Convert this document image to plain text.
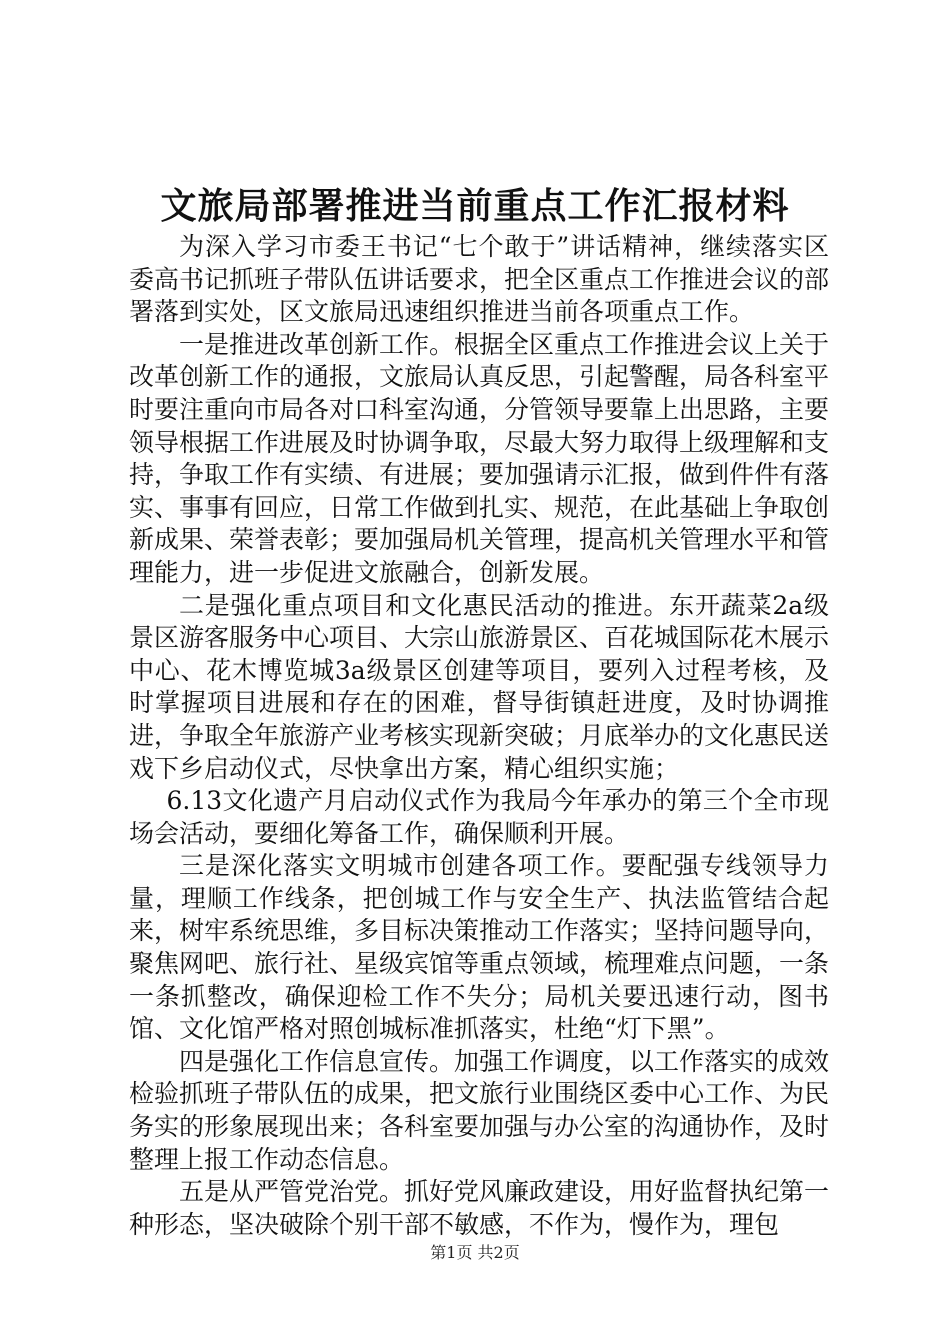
文旅局部署推进当前重点工作汇报材料

为深入学习市委王书记“七个敢于”讲话精神，继续落实区委高书记抓班子带队伍讲话要求，把全区重点工作推进会议的部署落到实处，区文旅局迅速组织推进当前各项重点工作。

一是推进改革创新工作。根据全区重点工作推进会议上关于改革创新工作的通报，文旅局认真反思，引起警醒，局各科室平时要注重向市局各对口科室沟通，分管领导要靠上出思路，主要领导根据工作进展及时协调争取，尽最大努力取得上级理解和支持，争取工作有实绩、有进展；要加强请示汇报，做到件件有落实、事事有回应，日常工作做到扎实、规范，在此基础上争取创新成果、荣誉表彰；要加强局机关管理，提高机关管理水平和管理能力，进一步促进文旅融合，创新发展。

二是强化重点项目和文化惠民活动的推进。东开蔬菜2a级景区游客服务中心项目、大宗山旅游景区、百花城国际花木展示中心、花木博览城3a级景区创建等项目，要列入过程考核，及时掌握项目进展和存在的困难，督导街镇赶进度，及时协调推进，争取全年旅游产业考核实现新突破；月底举办的文化惠民送戏下乡启动仪式，尽快拿出方案，精心组织实施；

6.13文化遗产月启动仪式作为我局今年承办的第三个全市现场会活动，要细化筹备工作，确保顺利开展。

三是深化落实文明城市创建各项工作。要配强专线领导力量，理顺工作线条，把创城工作与安全生产、执法监管结合起来，树牢系统思维，多目标决策推动工作落实；坚持问题导向，聚焦网吧、旅行社、星级宾馆等重点领域，梳理难点问题，一条一条抓整改，确保迎检工作不失分；局机关要迅速行动，图书馆、文化馆严格对照创城标准抓落实，杜绝“灯下黑”。

四是强化工作信息宣传。加强工作调度，以工作落实的成效检验抓班子带队伍的成果，把文旅行业围绕区委中心工作、为民务实的形象展现出来；各科室要加强与办公室的沟通协作，及时整理上报工作动态信息。

五是从严管党治党。抓好党风廉政建设，用好监督执纪第一种形态，坚决破除个别干部不敏感，不作为，慢作为，理包

第1页 共2页
